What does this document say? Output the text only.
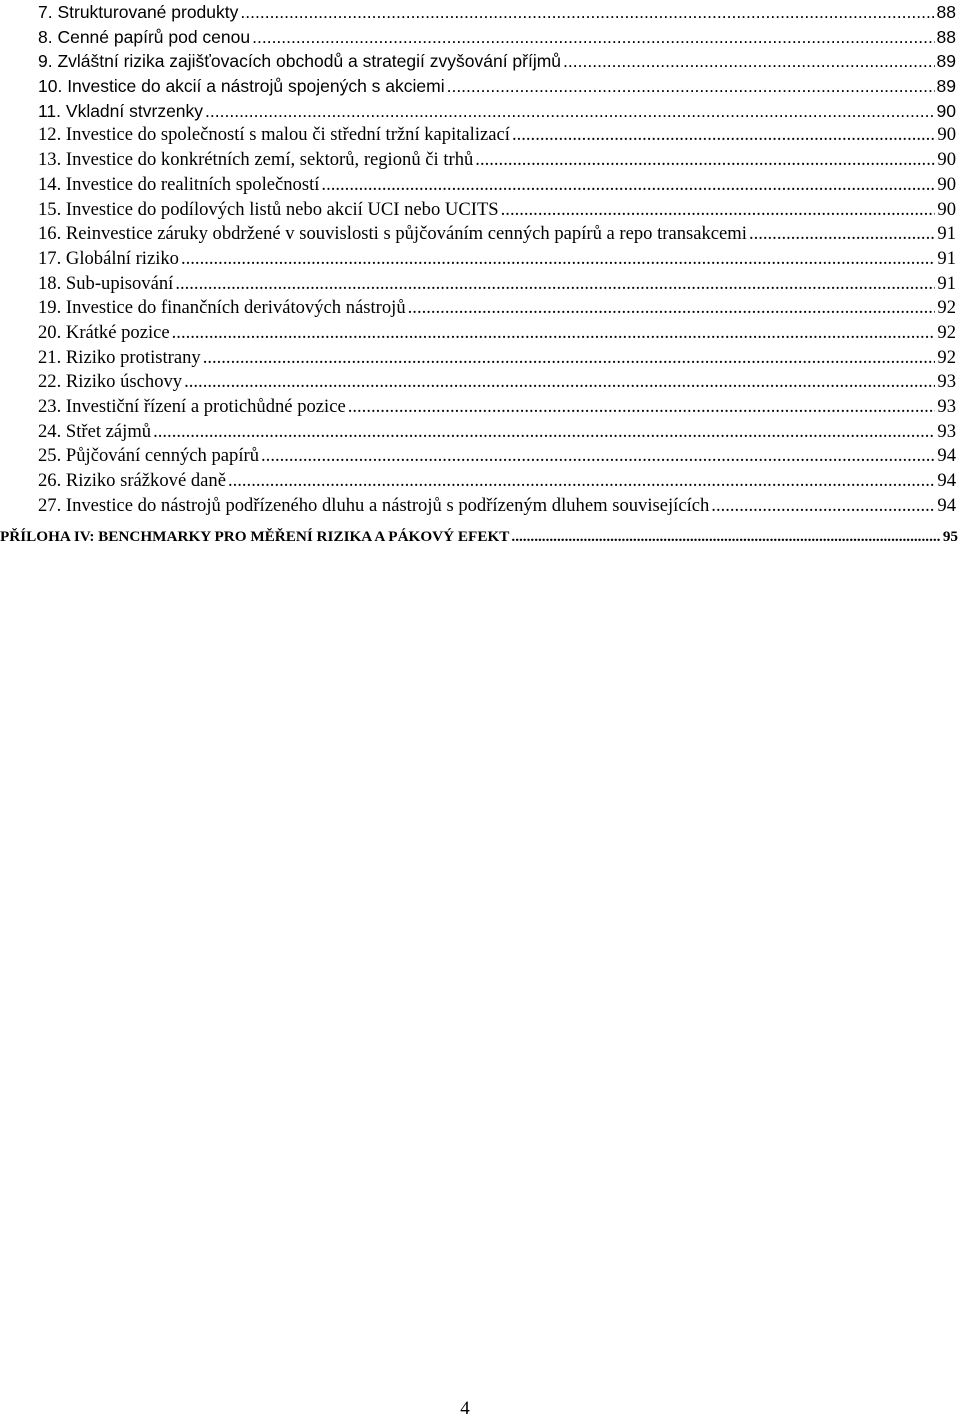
7. Strukturované produkty .....	88
8. Cenné papírů pod cenou .....	88
9. Zvláštní rizika zajišťovacích obchodů a strategií zvyšování příjmů .....	89
10. Investice do akcií a nástrojů spojených s akciemi .....	89
11. Vkladní stvrzenky .....	90
12. Investice do společností s malou či střední tržní kapitalizací .....	90
13. Investice do konkrétních zemí, sektorů, regionů či trhů .....	90
14. Investice do realitních společností .....	90
15. Investice do podílových listů nebo akcií UCI nebo UCITS .....	90
16. Reinvestice záruky obdržené v souvislosti s půjčováním cenných papírů a repo transakcemi .....	91
17. Globální riziko .....	91
18. Sub-upisování .....	91
19. Investice do finančních derivátových nástrojů .....	92
20. Krátké pozice .....	92
21. Riziko protistrany .....	92
22. Riziko úschovy .....	93
23. Investiční řízení a protichůdné pozice .....	93
24. Střet zájmů .....	93
25. Půjčování cenných papírů .....	94
26. Riziko srážkové daně .....	94
27. Investice do nástrojů podřízeného dluhu a nástrojů s podřízeným dluhem souvisejících .....	94
PŘÍLOHA IV: BENCHMARKY PRO MĚŘENÍ RIZIKA A PÁKOVÝ EFEKT .....	95
4
